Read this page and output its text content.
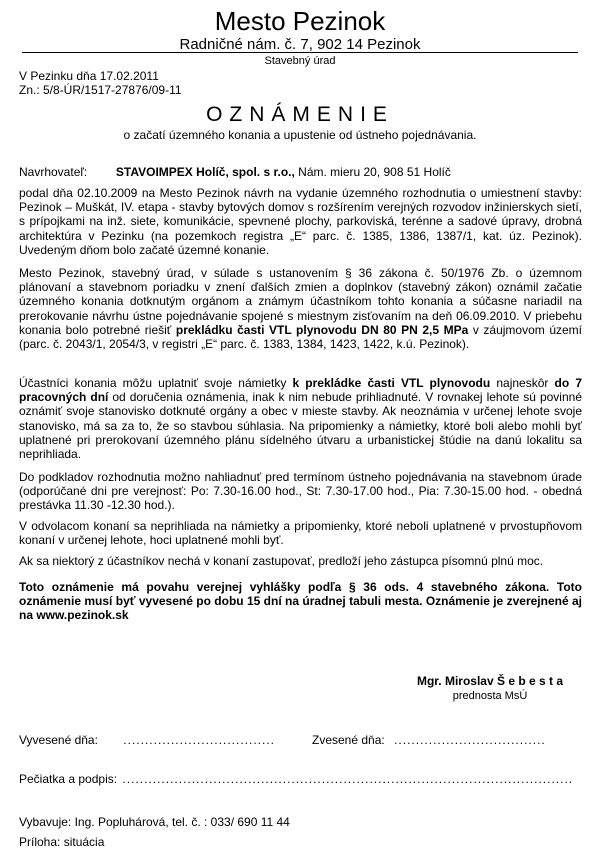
Mesto Pezinok
Radničné nám. č. 7, 902 14 Pezinok
Stavebný úrad
V Pezinku dňa 17.02.2011
Zn.: 5/8-ÚR/1517-27876/09-11
OZNÁMENIE
o začatí územného konania a upustenie od ústneho pojednávania.
Navrhovateľ: STAVOIMPEX Holíč, spol. s r.o., Nám. mieru 20, 908 51 Holíč

podal dňa 02.10.2009 na Mesto Pezinok návrh na vydanie územného rozhodnutia o umiestnení stavby: Pezinok – Muškát, IV. etapa - stavby bytových domov s rozšírením verejných rozvodov inžinierskych sietí, s prípojkami na inž. siete, komunikácie, spevnené plochy, parkoviská, terénne a sadové úpravy, drobná architektúra v Pezinku (na pozemkoch registra „E“ parc. č. 1385, 1386, 1387/1, kat. úz. Pezinok). Uvedeným dňom bolo začaté územné konanie.

Mesto Pezinok, stavebný úrad, v súlade s ustanovením § 36 zákona č. 50/1976 Zb. o územnom plánovaní a stavebnom poriadku v znení ďalších zmien a doplnkov (stavebný zákon) oznámil začatie územného konania dotknutým orgánom a známym účastníkom tohto konania a súčasne nariadil na prerokovanie návrhu ústne pojednávanie spojené s miestnym zisťovaním na deň 06.09.2010. V priebehu konania bolo potrebné riešiť prekládku časti VTL plynovodu DN 80 PN 2,5 MPa v záujmovom území (parc. č. 2043/1, 2054/3, v registri „E“ parc. č. 1383, 1384, 1423, 1422, k.ú. Pezinok).

Účastníci konania môžu uplatniť svoje námietky k prekládke časti VTL plynovodu najneskôr do 7 pracovných dní od doručenia oznámenia, inak k nim nebude prihliadnuté. V rovnakej lehote sú povinné oznámiť svoje stanovisko dotknuté orgány a obec v mieste stavby. Ak neoznámia v určenej lehote svoje stanovisko, má sa za to, že so stavbou súhlasia. Na pripomienky a námietky, ktoré boli alebo mohli byť uplatnené pri prerokovaní územného plánu sídelného útvaru a urbanistickej štúdie na danú lokalitu sa neprihliada.

Do podkladov rozhodnutia možno nahliadnuť pred termínom ústneho pojednávania na stavebnom úrade (odporúčané dni pre verejnosť: Po: 7.30-16.00 hod., St: 7.30-17.00 hod., Pia: 7.30-15.00 hod. - obedná prestávka 11.30 -12.30 hod.).

V odvolacom konaní sa neprihliada na námietky a pripomienky, ktoré neboli uplatnené v prvostupňovom konaní v určenej lehote, hoci uplatnené mohli byť.

Ak sa niektorý z účastníkov nechá v konaní zastupovať, predloží jeho zástupca písomnú plnú moc.

Toto oznámenie má povahu verejnej vyhlášky podľa § 36 ods. 4 stavebného zákona. Toto oznámenie musí byť vyvesené po dobu 15 dní na úradnej tabuli mesta. Oznámenie je zverejnené aj na www.pezinok.sk

Mgr. Miroslav Š e b e s t a
prednosta MsÚ
Vyvesené dňa: ...................................	Zvesené dňa: ...................................
Pečiatka a podpis: ........................................................................................................
Vybavuje: Ing. Popluhárová, tel. č. : 033/ 690 11 44
Príloha: situácia
